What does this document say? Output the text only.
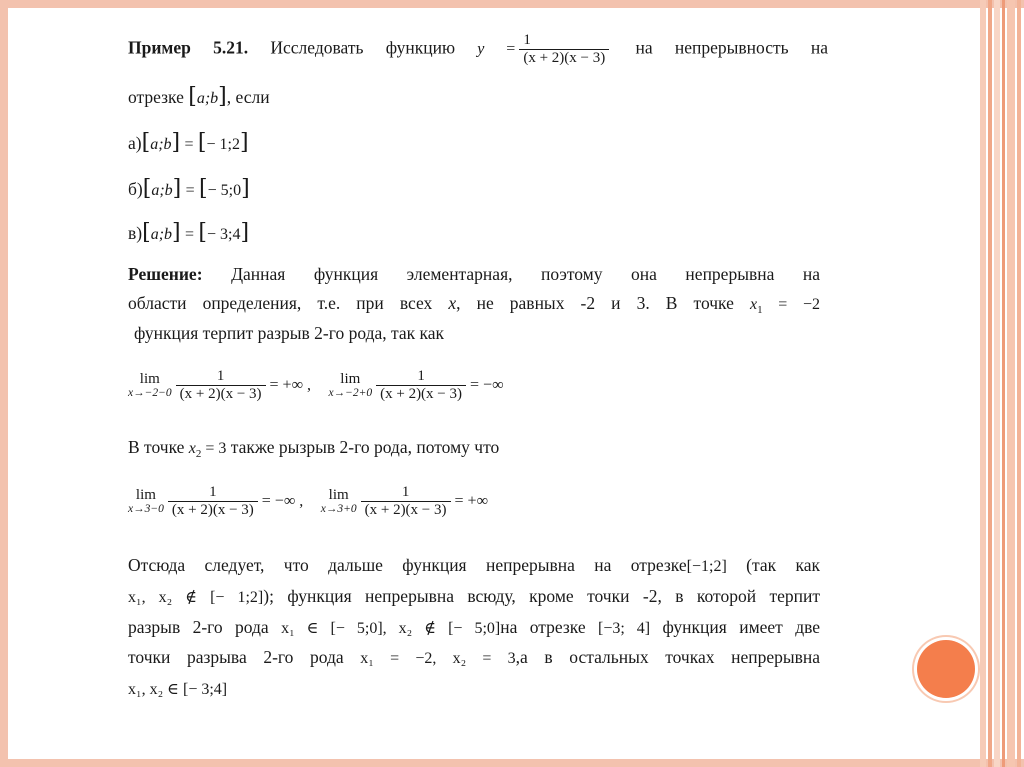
Пример 5.21. Исследовать функцию $y = \frac{1}{(x + 2)(x - 3)}$ на непрерывность на
отрезке [a;b], если
а)[a;b] = [− 1;2]
б)[a;b] = [− 5;0]
в)[a;b] = [− 3;4]
Решение: Данная функция элементарная, поэтому она непрерывна на
области определения, т.е. при всех x, не равных -2 и 3. В точке $x_1 = -2$
функция терпит разрыв 2-го рода, так как
lim
$x\to-2-0 \frac{1}{(x + 2)(x - 3)}$ = +∞ ,	lim
$x\to-2+0 \frac{1}{(x + 2)(x - 3)}$ = −∞
В точке $x_2 = 3$ также рызрыв 2-го рода, потому что
lim
$x\to 3-0 \frac{1}{(x + 2)(x - 3)}$ = −∞ ,	lim
$x\to 3+0 \frac{1}{(x + 2)(x - 3)}$ = +∞
Отсюда следует, что дальше функция непрерывна на отрезке[−1;2] (так как
x₁, x₂ ∉ [− 1;2]); функция непрерывна всюду, кроме точки -2, в которой терпит
разрыв 2-го рода x₁ ∈ [− 5;0], x₂ ∉ [− 5;0]на отрезке [−3; 4] функция имеет две
точки разрыва 2-го рода x₁ = −2, x₂ = 3,а в остальных точках непрерывна
x₁, x₂ ∈ [− 3;4]
